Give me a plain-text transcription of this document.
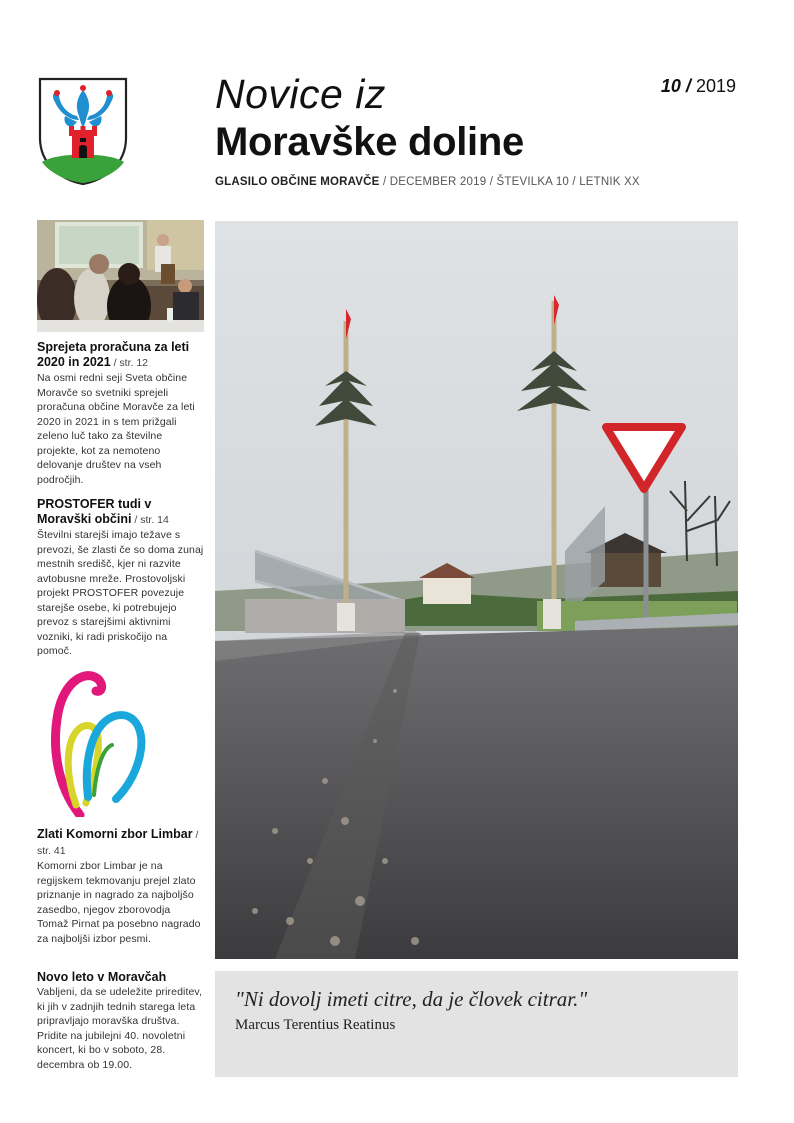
Novice iz
Moravške doline
10 / 2019
GLASILO OBČINE MORAVČE / DECEMBER 2019 / ŠTEVILKA 10 / LETNIK XX

Sprejeta proračuna za leti 2020 in 2021 / str. 12

Na osmi redni seji Sveta občine Moravče so svetniki sprejeli proračuna občine Moravče za leti 2020 in 2021 in s tem prižgali zeleno luč tako za številne projekte, kot za nemoteno delovanje društev na vseh področjih.

PROSTOFER tudi v Moravški občini / str. 14

Številni starejši imajo težave s prevozi, še zlasti če so doma zunaj mestnih središč, kjer ni razvite avtobusne mreže. Prostovoljski projekt PROSTOFER povezuje starejše osebe, ki potrebujejo prevoz s starejšimi aktivnimi vozniki, ki radi priskočijo na pomoč.

Zlati Komorni zbor Limbar / str. 41

Komorni zbor Limbar je na regijskem tekmovanju prejel zlato priznanje in nagrado za najboljšo zasedbo, njegov zborovodja Tomaž Pirnat pa posebno nagrado za najboljši izbor pesmi.

Novo leto v Moravčah

Vabljeni, da se udeležite prireditev, ki jih v zadnjih tednih starega leta pripravljajo moravška društva. Pridite na jubilejni 40. novoletni koncert, ki bo v soboto, 28. decembra ob 19.00.

"Ni dovolj imeti citre, da je človek citrar."
Marcus Terentius Reatinus
